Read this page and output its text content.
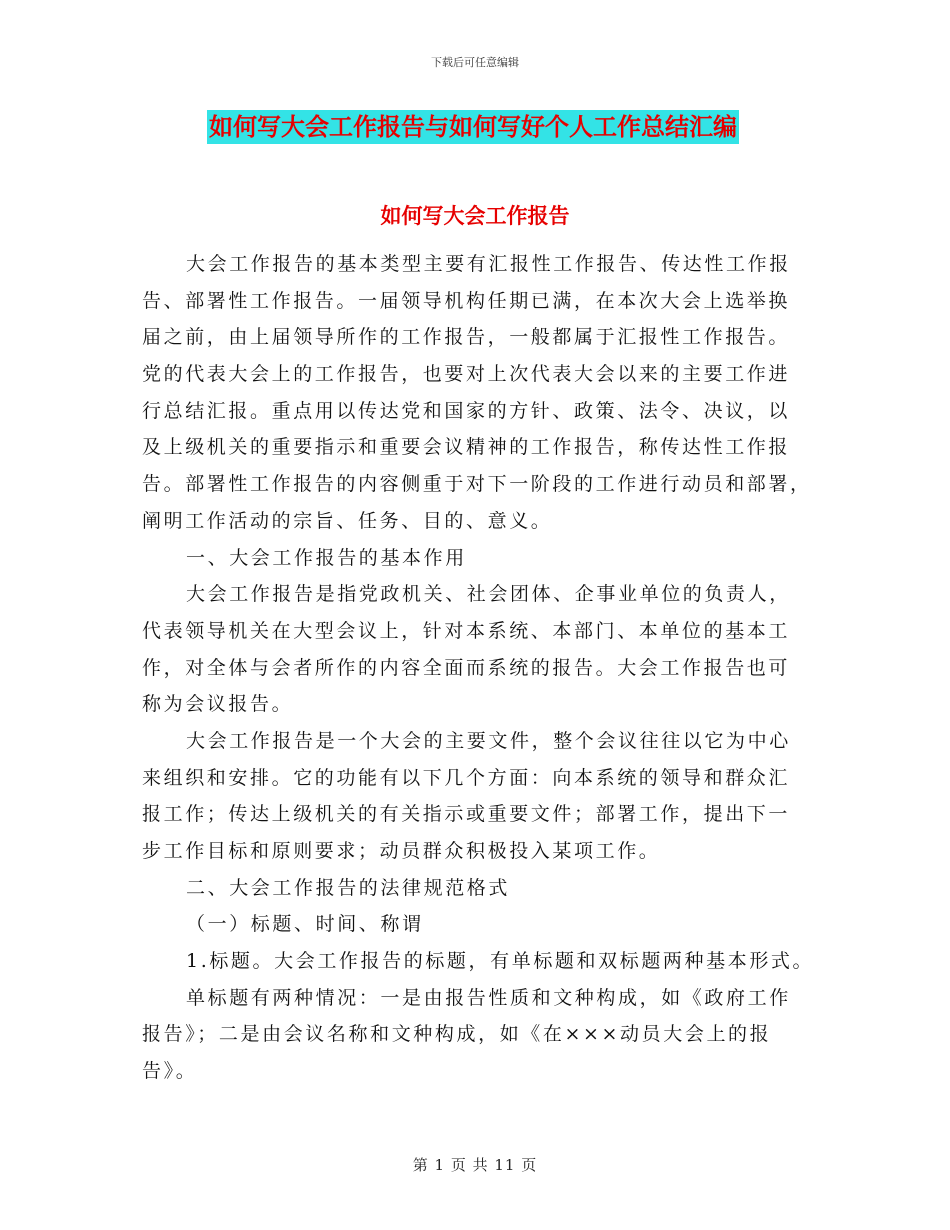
下载后可任意编辑
如何写大会工作报告与如何写好个人工作总结汇编
如何写大会工作报告
大会工作报告的基本类型主要有汇报性工作报告、传达性工作报
告、部署性工作报告。一届领导机构任期已满，在本次大会上选举换
届之前，由上届领导所作的工作报告，一般都属于汇报性工作报告。
党的代表大会上的工作报告，也要对上次代表大会以来的主要工作进
行总结汇报。重点用以传达党和国家的方针、政策、法令、决议，以
及上级机关的重要指示和重要会议精神的工作报告，称传达性工作报
告。部署性工作报告的内容侧重于对下一阶段的工作进行动员和部署，
阐明工作活动的宗旨、任务、目的、意义。
一、大会工作报告的基本作用
大会工作报告是指党政机关、社会团体、企事业单位的负责人，
代表领导机关在大型会议上，针对本系统、本部门、本单位的基本工
作，对全体与会者所作的内容全面而系统的报告。大会工作报告也可
称为会议报告。
大会工作报告是一个大会的主要文件，整个会议往往以它为中心
来组织和安排。它的功能有以下几个方面：向本系统的领导和群众汇
报工作；传达上级机关的有关指示或重要文件；部署工作，提出下一
步工作目标和原则要求；动员群众积极投入某项工作。
二、大会工作报告的法律规范格式
（一）标题、时间、称谓
1.标题。大会工作报告的标题，有单标题和双标题两种基本形式。
单标题有两种情况：一是由报告性质和文种构成，如《政府工作
报告》；二是由会议名称和文种构成，如《在×××动员大会上的报
告》。
第 1 页 共 11 页
